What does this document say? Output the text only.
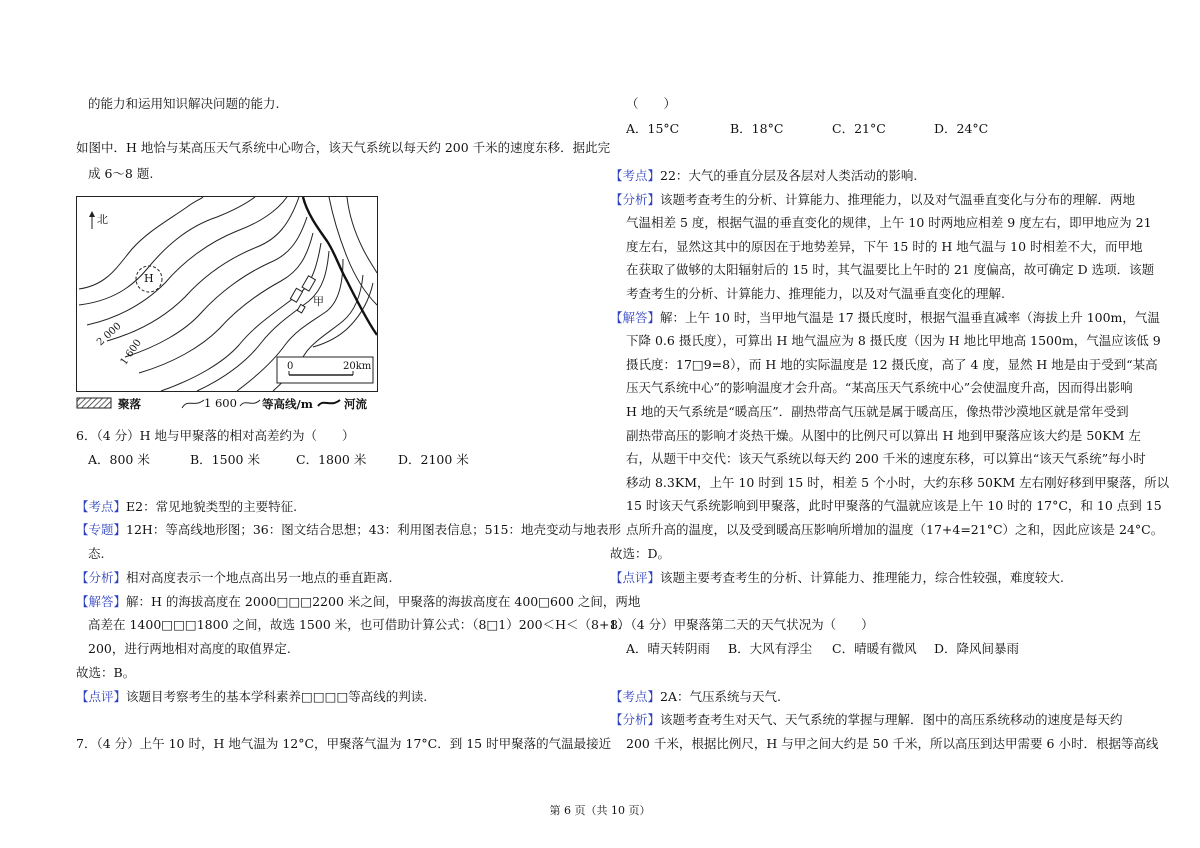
的能力和运用知识解决问题的能力.
如图中．H 地恰与某高压天气系统中心吻合，该天气系统以每天约 200 千米的速度东移．据此完
成 6～8 题.
北
H
甲
2 000
1 600	0	20km
聚落	1 600 等高线/m	河流
6．（4 分）H 地与甲聚落的相对高差约为（　　）
A．800 米	B．1500 米	C．1800 米	D．2100 米
【考点】E2：常见地貌类型的主要特征.
【专题】12H：等高线地形图；36：图文结合思想；43：利用图表信息；515：地壳变动与地表形
态.
【分析】相对高度表示一个地点高出另一地点的垂直距离.
【解答】解：H 的海拔高度在 2000□□□2200 米之间，甲聚落的海拔高度在 400□600 之间，两地
高差在 1400□□□1800 之间，故选 1500 米，也可借助计算公式：（8□1）200＜H＜（8+1）
200，进行两地相对高度的取值界定.
故选：B。
【点评】该题目考察考生的基本学科素养□□□□等高线的判读.
7．（4 分）上午 10 时，H 地气温为 12°C，甲聚落气温为 17°C．到 15 时甲聚落的气温最接近
（　　）
A．15°C	B．18°C	C．21°C	D．24°C
【考点】22：大气的垂直分层及各层对人类活动的影响.
【分析】该题考查考生的分析、计算能力、推理能力，以及对气温垂直变化与分布的理解．两地
气温相差 5 度，根据气温的垂直变化的规律，上午 10 时两地应相差 9 度左右，即甲地应为 21
度左右，显然这其中的原因在于地势差异，下午 15 时的 H 地气温与 10 时相差不大，而甲地
在获取了做够的太阳辐射后的 15 时，其气温要比上午时的 21 度偏高，故可确定 D 选项．该题
考查考生的分析、计算能力、推理能力，以及对气温垂直变化的理解.
【解答】解：上午 10 时，当甲地气温是 17 摄氏度时，根据气温垂直减率（海拔上升 100m，气温
下降 0.6 摄氏度），可算出 H 地气温应为 8 摄氏度（因为 H 地比甲地高 1500m，气温应该低 9
摄氏度：17□9=8），而 H 地的实际温度是 12 摄氏度，高了 4 度，显然 H 地是由于受到“某高
压天气系统中心”的影响温度才会升高。“某高压天气系统中心”会使温度升高，因而得出影响
H 地的天气系统是“暖高压”．副热带高气压就是属于暖高压，像热带沙漠地区就是常年受到
副热带高压的影响才炎热干燥。从图中的比例尺可以算出 H 地到甲聚落应该大约是 50KM 左
右，从题干中交代：该天气系统以每天约 200 千米的速度东移，可以算出“该天气系统”每小时
移动 8.3KM，上午 10 时到 15 时，相差 5 个小时，大约东移 50KM 左右刚好移到甲聚落，所以
15 时该天气系统影响到甲聚落，此时甲聚落的气温就应该是上午 10 时的 17°C，和 10 点到 15
点所升高的温度，以及受到暖高压影响所增加的温度（17+4=21°C）之和，因此应该是 24°C。
故选：D。
【点评】该题主要考查考生的分析、计算能力、推理能力，综合性较强，难度较大.
8．（4 分）甲聚落第二天的天气状况为（　　）
A．晴天转阴雨 B．大风有浮尘 C．晴暖有微风 D．降风间暴雨
【考点】2A：气压系统与天气.
【分析】该题考查考生对天气、天气系统的掌握与理解．图中的高压系统移动的速度是每天约
200 千米，根据比例尺，H 与甲之间大约是 50 千米，所以高压到达甲需要 6 小时．根据等高线
第 6 页（共 10 页）
